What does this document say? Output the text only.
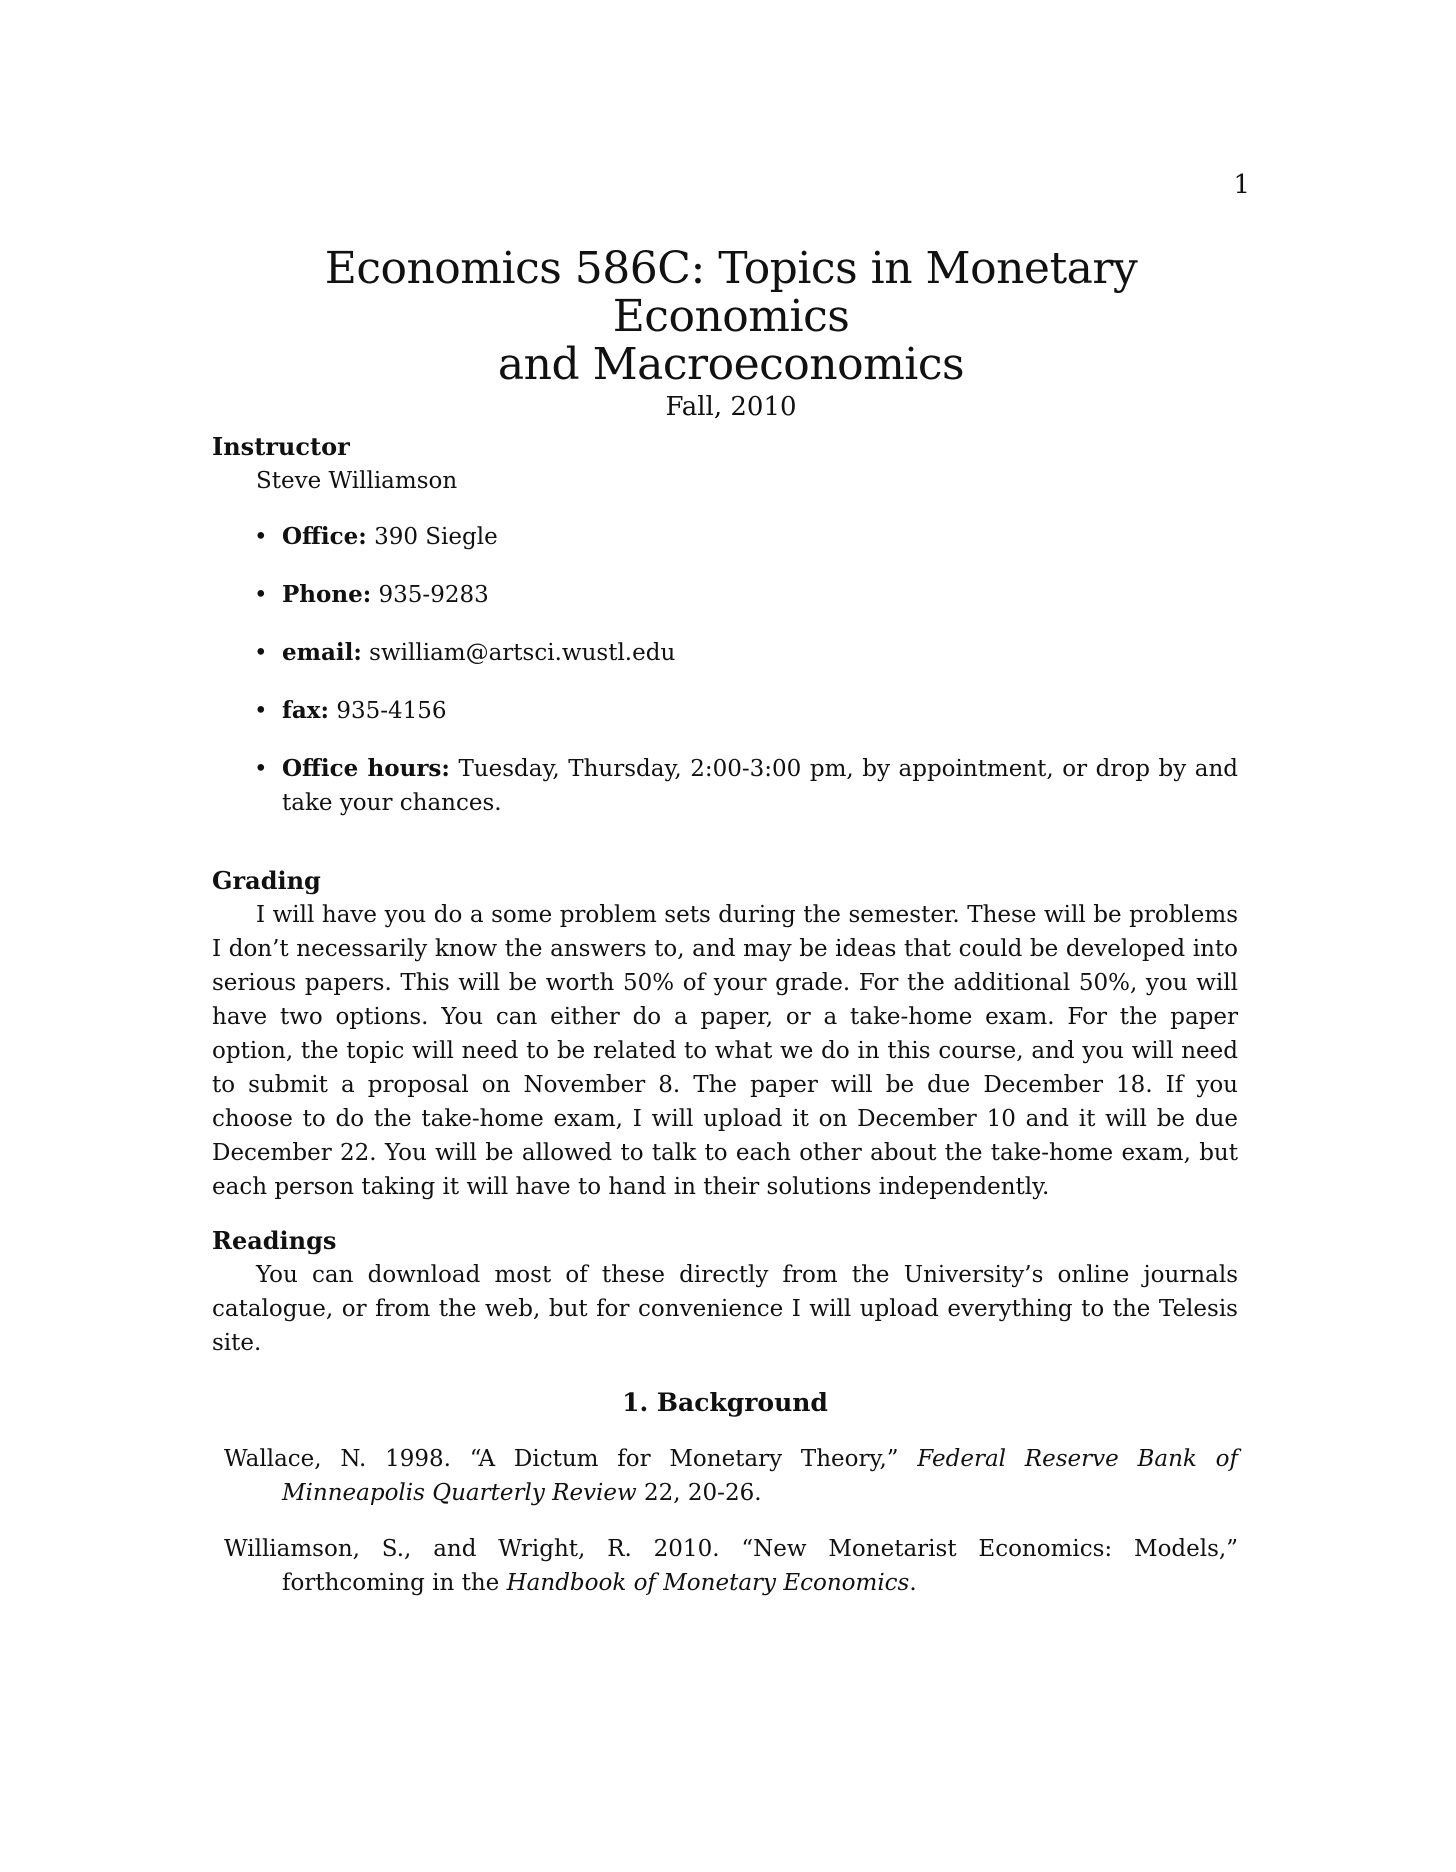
1
Economics 586C: Topics in Monetary Economics
and Macroeconomics
Fall, 2010
Instructor
Steve Williamson
• Office: 390 Siegle
• Phone: 935-9283
• email: swilliam@artsci.wustl.edu
• fax: 935-4156
• Office hours: Tuesday, Thursday, 2:00-3:00 pm, by appointment, or drop by and take your chances.
Grading

I will have you do a some problem sets during the semester. These will be problems I don’t necessarily know the answers to, and may be ideas that could be developed into serious papers. This will be worth 50% of your grade. For the additional 50%, you will have two options. You can either do a paper, or a take-home exam. For the paper option, the topic will need to be related to what we do in this course, and you will need to submit a proposal on November 8. The paper will be due December 18. If you choose to do the take-home exam, I will upload it on December 10 and it will be due December 22. You will be allowed to talk to each other about the take-home exam, but each person taking it will have to hand in their solutions independently.

Readings

You can download most of these directly from the University’s online journals catalogue, or from the web, but for convenience I will upload everything to the Telesis site.

1. Background

Wallace, N. 1998. “A Dictum for Monetary Theory,” Federal Reserve Bank of Minneapolis Quarterly Review 22, 20-26.

Williamson, S., and Wright, R. 2010. “New Monetarist Economics: Models,” forthcoming in the Handbook of Monetary Economics.
